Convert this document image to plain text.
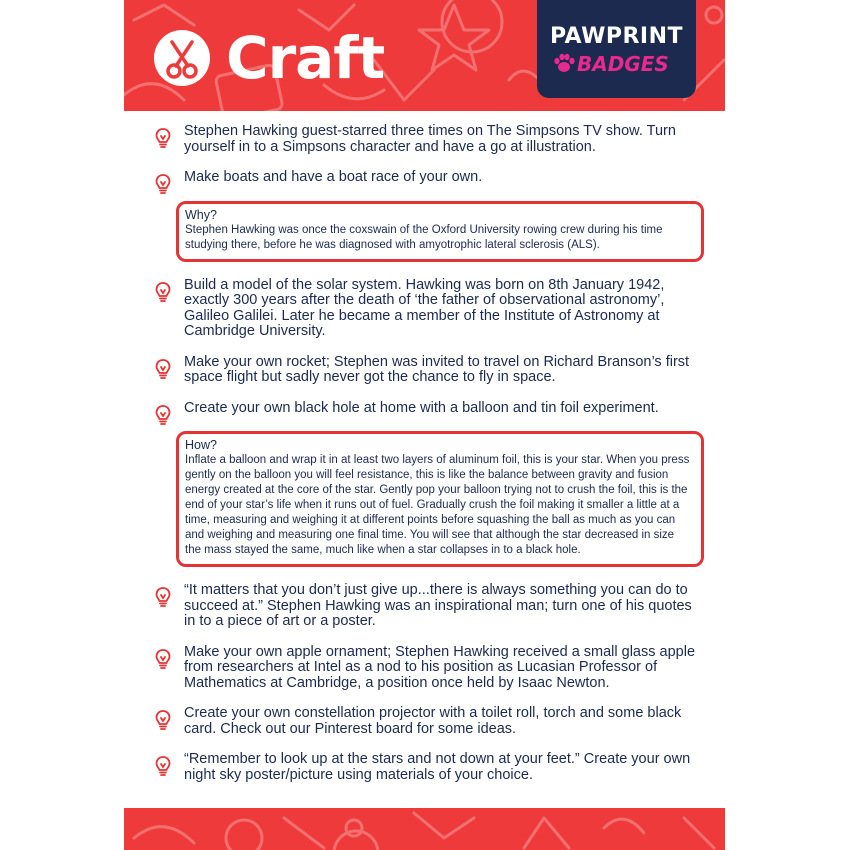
Craft	PAWPRINT
BADGES
Stephen Hawking guest-starred three times on The Simpsons TV show. Turn yourself in to a Simpsons character and have a go at illustration.
Make boats and have a boat race of your own.
Why?
Stephen Hawking was once the coxswain of the Oxford University rowing crew during his time studying there, before he was diagnosed with amyotrophic lateral sclerosis (ALS).
Build a model of the solar system. Hawking was born on 8th January 1942, exactly 300 years after the death of ‘the father of observational astronomy’, Galileo Galilei. Later he became a member of the Institute of Astronomy at Cambridge University.
Make your own rocket; Stephen was invited to travel on Richard Branson’s first space flight but sadly never got the chance to fly in space.
Create your own black hole at home with a balloon and tin foil experiment.
How?
Inflate a balloon and wrap it in at least two layers of aluminum foil, this is your star. When you press gently on the balloon you will feel resistance, this is like the balance between gravity and fusion energy created at the core of the star. Gently pop your balloon trying not to crush the foil, this is the end of your star’s life when it runs out of fuel. Gradually crush the foil making it smaller a little at a time, measuring and weighing it at different points before squashing the ball as much as you can and weighing and measuring one final time. You will see that although the star decreased in size the mass stayed the same, much like when a star collapses in to a black hole.
“It matters that you don’t just give up...there is always something you can do to succeed at.” Stephen Hawking was an inspirational man; turn one of his quotes in to a piece of art or a poster.
Make your own apple ornament; Stephen Hawking received a small glass apple from researchers at Intel as a nod to his position as Lucasian Professor of Mathematics at Cambridge, a position once held by Isaac Newton.
Create your own constellation projector with a toilet roll, torch and some black card. Check out our Pinterest board for some ideas.
“Remember to look up at the stars and not down at your feet.” Create your own night sky poster/picture using materials of your choice.
